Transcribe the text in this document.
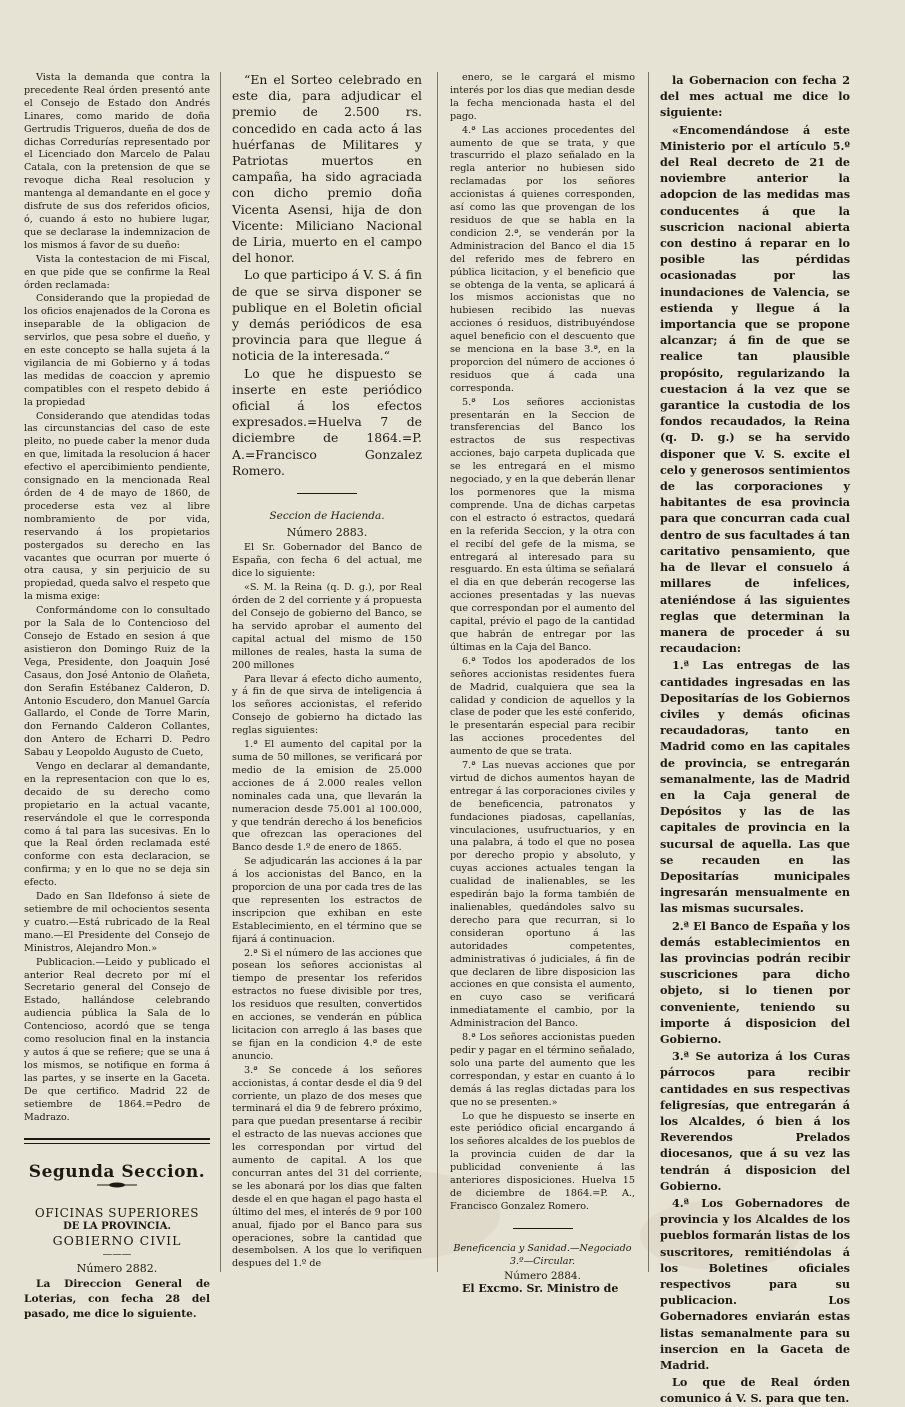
Vista la demanda que contra la precedente Real órden presentó ante el Consejo de Estado don Andrés Linares, como marido de doña Gertrudis Trigueros, dueña de dos de dichas Corredurías representado por el Licenciado don Marcelo de Palau Catala, con la pretension de que se revoque dicha Real resolucion y mantenga al demandante en el goce y disfrute de sus dos referidos oficios, ó, cuando á esto no hubiere lugar, que se declarase la indemnizacion de los mismos á favor de su dueño:

Vista la contestacion de mi Fiscal, en que pide que se confirme la Real órden reclamada:

Considerando que la propiedad de los oficios enajenados de la Corona es inseparable de la obligacion de servirlos, que pesa sobre el dueño, y en este concepto se halla sujeta á la vigilancia de mi Gobierno y á todas las medidas de coaccion y apremio compatibles con el respeto debido á la propiedad

Considerando que atendidas todas las circunstancias del caso de este pleito, no puede caber la menor duda en que, limitada la resolucion á hacer efectivo el apercibimiento pendiente, consignado en la mencionada Real órden de 4 de mayo de 1860, de procederse esta vez al libre nombramiento de por vida, reservando á los propietarios postergados su derecho en las vacantes que ocurran por muerte ó otra causa, y sin perjuicio de su propiedad, queda salvo el respeto que la misma exige:

Conformándome con lo consultado por la Sala de lo Contencioso del Consejo de Estado en sesion á que asistieron don Domingo Ruiz de la Vega, Presidente, don Joaquin José Casaus, don José Antonio de Olañeta, don Serafin Estébanez Calderon, D. Antonio Escudero, don Manuel García Gallardo, el Conde de Torre Marin, don Fernando Calderon Collantes, don Antero de Echarri D. Pedro Sabau y Leopoldo Augusto de Cueto,

Vengo en declarar al demandante, en la representacion con que lo es, decaido de su derecho como propietario en la actual vacante, reservándole el que le corresponda como á tal para las sucesivas. En lo que la Real órden reclamada esté conforme con esta declaracion, se confirma; y en lo que no se deja sin efecto.

Dado en San Ildefonso á siete de setiembre de mil ochocientos sesenta y cuatro.—Está rubricado de la Real mano.—El Presidente del Consejo de Ministros, Alejandro Mon.»

Publicacion.—Leido y publicado el anterior Real decreto por mí el Secretario general del Consejo de Estado, hallándose celebrando audiencia pública la Sala de lo Contencioso, acordó que se tenga como resolucion final en la instancia y autos á que se refiere; que se una á los mismos, se notifique en forma á las partes, y se inserte en la Gaceta. De que certifico. Madrid 22 de setiembre de 1864.=Pedro de Madrazo.

Segunda Seccion.

OFICINAS SUPERIORES

DE LA PROVINCIA.

GOBIERNO CIVIL

———

Número 2882.

La Direccion General de Loterias, con fecha 28 del pasado, me dice lo siguiente.

“En el Sorteo celebrado en este dia, para adjudicar el premio de 2.500 rs. concedido en cada acto á las huérfanas de Militares y Patriotas muertos en campaña, ha sido agraciada con dicho premio doña Vicenta Asensi, hija de don Vicente: Miliciano Nacional de Liria, muerto en el campo del honor.

Lo que participo á V. S. á fin de que se sirva disponer se publique en el Boletin oficial y demás periódicos de esa provincia para que llegue á noticia de la interesada.“

Lo que he dispuesto se inserte en este periódico oficial á los efectos expresados.=Huelva 7 de diciembre de 1864.=P. A.=Francisco Gonzalez Romero.

Seccion de Hacienda.

Número 2883.

El Sr. Gobernador del Banco de España, con fecha 6 del actual, me dice lo siguiente:

«S. M. la Reina (q. D. g.), por Real órden de 2 del corriente y á propuesta del Consejo de gobierno del Banco, se ha servido aprobar el aumento del capital actual del mismo de 150 millones de reales, hasta la suma de 200 millones

Para llevar á efecto dicho aumento, y á fin de que sirva de inteligencia á los señores accionistas, el referido Consejo de gobierno ha dictado las reglas siguientes:

1.ª El aumento del capital por la suma de 50 millones, se verificará por medio de la emision de 25.000 acciones de á 2.000 reales vellon nominales cada una, que llevarán la numeracion desde 75.001 al 100.000, y que tendrán derecho á los beneficios que ofrezcan las operaciones del Banco desde 1.º de enero de 1865.

Se adjudicarán las acciones á la par á los accionistas del Banco, en la proporcion de una por cada tres de las que representen los estractos de inscripcion que exhiban en este Establecimiento, en el término que se fijará á continuacion.

2.ª Si el número de las acciones que posean los señores accionistas al tiempo de presentar los referidos estractos no fuese divisible por tres, los residuos que resulten, convertidos en acciones, se venderán en pública licitacion con arreglo á las bases que se fijan en la condicion 4.ª de este anuncio.

3.ª Se concede á los señores accionistas, á contar desde el dia 9 del corriente, un plazo de dos meses que terminará el dia 9 de febrero próximo, para que puedan presentarse á recibir el estracto de las nuevas acciones que les correspondan por virtud del aumento de capital. A los que concurran antes del 31 del corriente, se les abonará por los dias que falten desde el en que hagan el pago hasta el último del mes, el interés de 9 por 100 anual, fijado por el Banco para sus operaciones, sobre la cantidad que desembolsen. A los que lo verifiquen despues del 1.º de

enero, se le cargará el mismo interés por los dias que median desde la fecha mencionada hasta el del pago.

4.ª Las acciones procedentes del aumento de que se trata, y que trascurrido el plazo señalado en la regla anterior no hubiesen sido reclamadas por los señores accionistas á quienes corresponden, así como las que provengan de los residuos de que se habla en la condicion 2.ª, se venderán por la Administracion del Banco el dia 15 del referido mes de febrero en pública licitacion, y el beneficio que se obtenga de la venta, se aplicará á los mismos accionistas que no hubiesen recibido las nuevas acciones ó residuos, distribuyéndose aquel beneficio con el descuento que se menciona en la base 3.ª, en la proporcion del número de acciones ó residuos que á cada una corresponda.

5.ª Los señores accionistas presentarán en la Seccion de transferencias del Banco los estractos de sus respectivas acciones, bajo carpeta duplicada que se les entregará en el mismo negociado, y en la que deberán llenar los pormenores que la misma comprende. Una de dichas carpetas con el estracto ó estractos, quedará en la referida Seccion, y la otra con el recibí del gefe de la misma, se entregará al interesado para su resguardo. En esta última se señalará el dia en que deberán recogerse las acciones presentadas y las nuevas que correspondan por el aumento del capital, prévio el pago de la cantidad que habrán de entregar por las últimas en la Caja del Banco.

6.ª Todos los apoderados de los señores accionistas residentes fuera de Madrid, cualquiera que sea la calidad y condicion de aquellos y la clase de poder que les esté conferido, le presentarán especial para recibir las acciones procedentes del aumento de que se trata.

7.ª Las nuevas acciones que por virtud de dichos aumentos hayan de entregar á las corporaciones civiles y de beneficencia, patronatos y fundaciones piadosas, capellanías, vinculaciones, usufructuarios, y en una palabra, á todo el que no posea por derecho propio y absoluto, y cuyas acciones actuales tengan la cualidad de inalienables, se les espedirán bajo la forma también de inalienables, quedándoles salvo su derecho para que recurran, si lo consideran oportuno á las autoridades competentes, administrativas ó judiciales, á fin de que declaren de libre disposicion las acciones en que consista el aumento, en cuyo caso se verificará inmediatamente el cambio, por la Administracion del Banco.

8.ª Los señores accionistas pueden pedir y pagar en el término señalado, solo una parte del aumento que les correspondan, y estar en cuanto á lo demás á las reglas dictadas para los que no se presenten.»

Lo que he dispuesto se inserte en este periódico oficial encargando á los señores alcaldes de los pueblos de la provincia cuiden de dar la publicidad conveniente á las anteriores disposiciones. Huelva 15 de diciembre de 1864.=P. A., Francisco Gonzalez Romero.

Beneficencia y Sanidad.—Negociado 3.º—Circular.

Número 2884.

El Excmo. Sr. Ministro de

la Gobernacion con fecha 2 del mes actual me dice lo siguiente:

«Encomendándose á este Ministerio por el artículo 5.º del Real decreto de 21 de noviembre anterior la adopcion de las medidas mas conducentes á que la suscricion nacional abierta con destino á reparar en lo posible las pérdidas ocasionadas por las inundaciones de Valencia, se estienda y llegue á la importancia que se propone alcanzar; á fin de que se realice tan plausible propósito, regularizando la cuestacion á la vez que se garantice la custodia de los fondos recaudados, la Reina (q. D. g.) se ha servido disponer que V. S. excite el celo y generosos sentimientos de las corporaciones y habitantes de esa provincia para que concurran cada cual dentro de sus facultades á tan caritativo pensamiento, que ha de llevar el consuelo á millares de infelices, ateniéndose á las siguientes reglas que determinan la manera de proceder á su recaudacion:

1.ª Las entregas de las cantidades ingresadas en las Depositarías de los Gobiernos civiles y demás oficinas recaudadoras, tanto en Madrid como en las capitales de provincia, se entregarán semanalmente, las de Madrid en la Caja general de Depósitos y las de las capitales de provincia en la sucursal de aquella. Las que se recauden en las Depositarías municipales ingresarán mensualmente en las mismas sucursales.

2.ª El Banco de España y los demás establecimientos en las provincias podrán recibir suscriciones para dicho objeto, si lo tienen por conveniente, teniendo su importe á disposicion del Gobierno.

3.ª Se autoriza á los Curas párrocos para recibir cantidades en sus respectivas feligresías, que entregarán á los Alcaldes, ó bien á los Reverendos Prelados diocesanos, que á su vez las tendrán á disposicion del Gobierno.

4.ª Los Gobernadores de provincia y los Alcaldes de los pueblos formarán listas de los suscritores, remitiéndolas á los Boletines oficiales respectivos para su publicacion. Los Gobernadores enviarán estas listas semanalmente para su insercion en la Gaceta de Madrid.

Lo que de Real órden comunico á V. S. para que ten.
